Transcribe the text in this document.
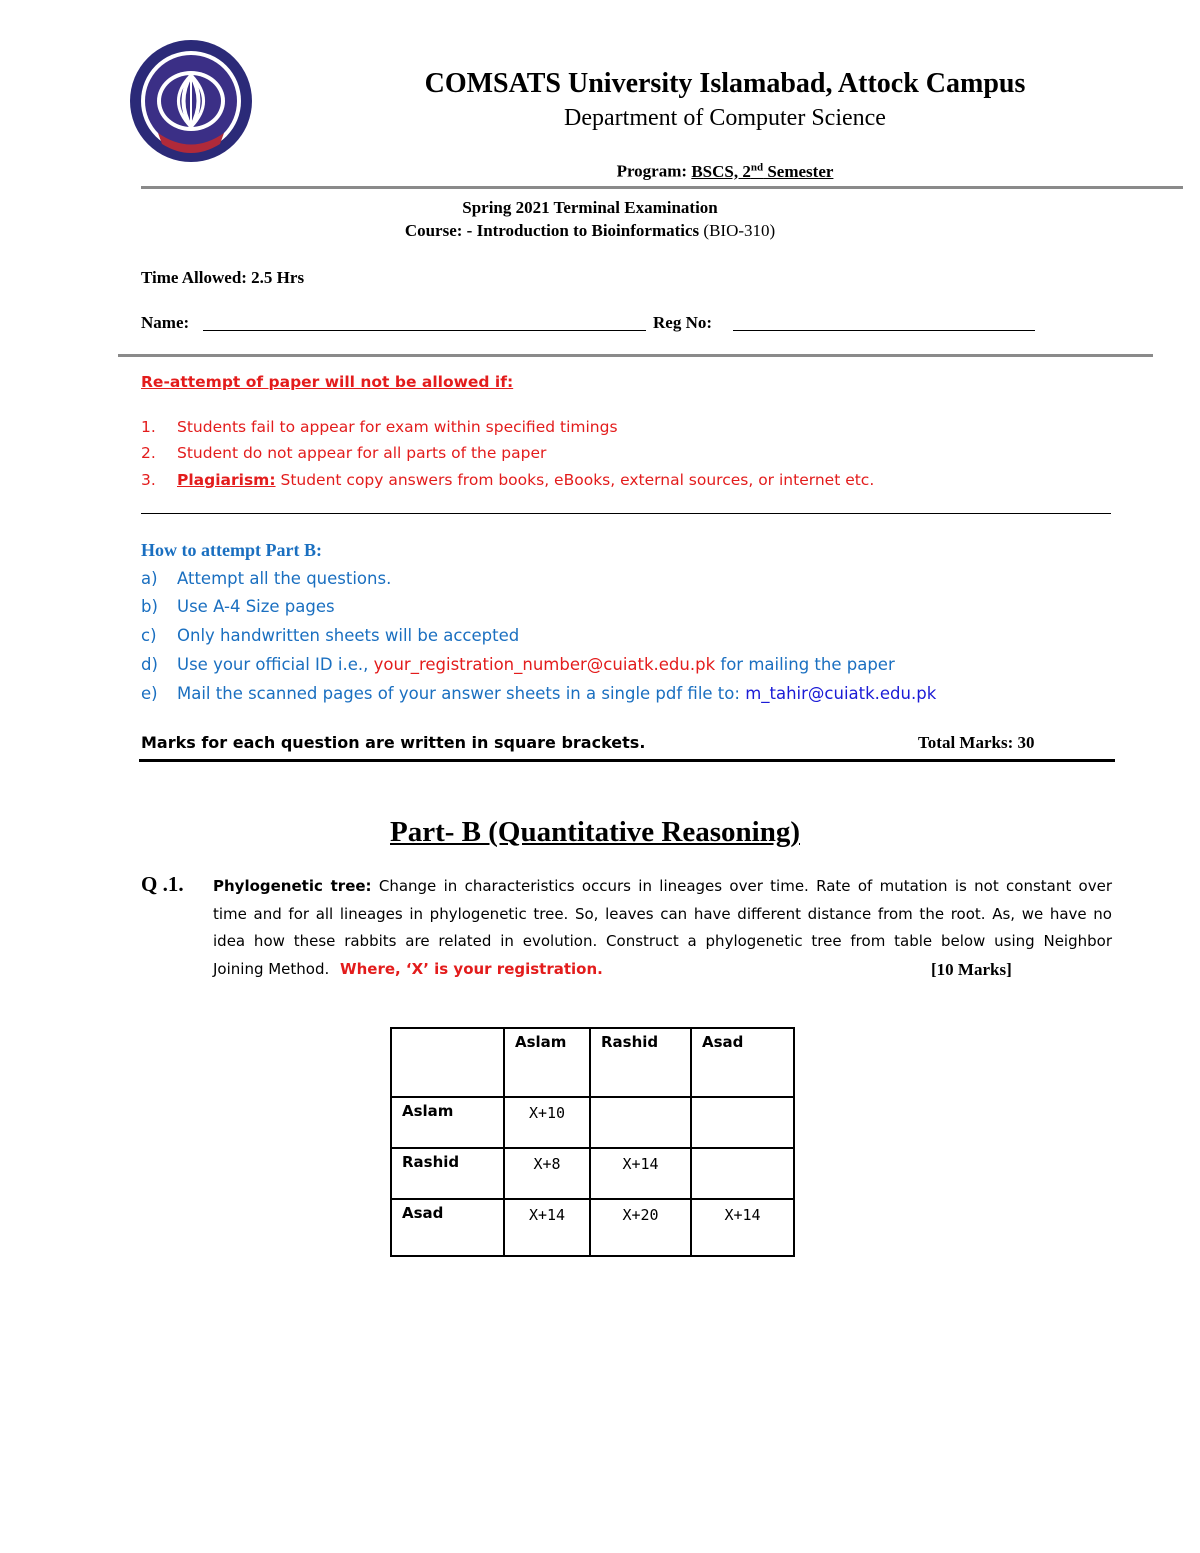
COMSATS University Islamabad, Attock Campus
Department of Computer Science
Program: BSCS, 2nd Semester
Spring 2021 Terminal Examination
Course: - Introduction to Bioinformatics (BIO-310)
Time Allowed: 2.5 Hrs
Name:	Reg No:
Re-attempt of paper will not be allowed if:
1. Students fail to appear for exam within specified timings
2. Student do not appear for all parts of the paper
3. Plagiarism: Student copy answers from books, eBooks, external sources, or internet etc.
How to attempt Part B:
a) Attempt all the questions.
b) Use A-4 Size pages
c) Only handwritten sheets will be accepted
d) Use your official ID i.e., your_registration_number@cuiatk.edu.pk for mailing the paper
e) Mail the scanned pages of your answer sheets in a single pdf file to: m_tahir@cuiatk.edu.pk
Marks for each question are written in square brackets.	Total Marks: 30
Part- B (Quantitative Reasoning)
Q .1. Phylogenetic tree: Change in characteristics occurs in lineages over time. Rate of mutation is not constant over
time and for all lineages in phylogenetic tree. So, leaves can have different distance from the root. As, we have no
idea how these rabbits are related in evolution. Construct a phylogenetic tree from table below using Neighbor
Joining Method. Where, ‘X’ is your registration.	[10 Marks]
	Aslam	Rashid	Asad
Aslam	X+10		
Rashid	X+8	X+14	
Asad	X+14	X+20	X+14
